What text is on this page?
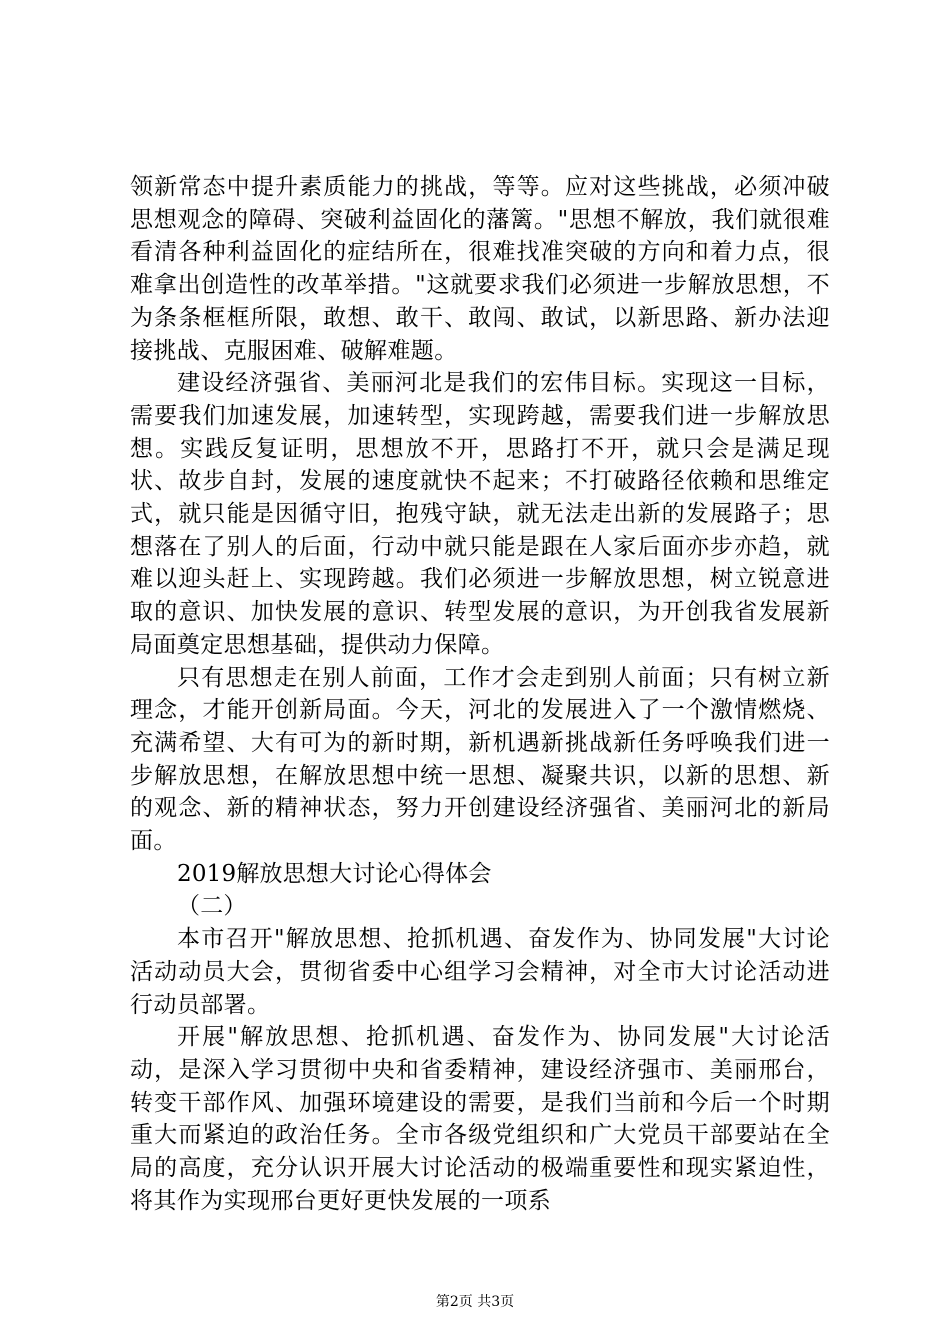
领新常态中提升素质能力的挑战，等等。应对这些挑战，必须冲破思想观念的障碍、突破利益固化的藩篱。"思想不解放，我们就很难看清各种利益固化的症结所在，很难找准突破的方向和着力点，很难拿出创造性的改革举措。"这就要求我们必须进一步解放思想，不为条条框框所限，敢想、敢干、敢闯、敢试，以新思路、新办法迎接挑战、克服困难、破解难题。

建设经济强省、美丽河北是我们的宏伟目标。实现这一目标，需要我们加速发展，加速转型，实现跨越，需要我们进一步解放思想。实践反复证明，思想放不开，思路打不开，就只会是满足现状、故步自封，发展的速度就快不起来；不打破路径依赖和思维定式，就只能是因循守旧，抱残守缺，就无法走出新的发展路子；思想落在了别人的后面，行动中就只能是跟在人家后面亦步亦趋，就难以迎头赶上、实现跨越。我们必须进一步解放思想，树立锐意进取的意识、加快发展的意识、转型发展的意识，为开创我省发展新局面奠定思想基础，提供动力保障。

只有思想走在别人前面，工作才会走到别人前面；只有树立新理念，才能开创新局面。今天，河北的发展进入了一个激情燃烧、充满希望、大有可为的新时期，新机遇新挑战新任务呼唤我们进一步解放思想，在解放思想中统一思想、凝聚共识，以新的思想、新的观念、新的精神状态，努力开创建设经济强省、美丽河北的新局面。

2019解放思想大讨论心得体会

（二）

本市召开"解放思想、抢抓机遇、奋发作为、协同发展"大讨论活动动员大会，贯彻省委中心组学习会精神，对全市大讨论活动进行动员部署。

开展"解放思想、抢抓机遇、奋发作为、协同发展"大讨论活动，是深入学习贯彻中央和省委精神，建设经济强市、美丽邢台，转变干部作风、加强环境建设的需要，是我们当前和今后一个时期重大而紧迫的政治任务。全市各级党组织和广大党员干部要站在全局的高度，充分认识开展大讨论活动的极端重要性和现实紧迫性，将其作为实现邢台更好更快发展的一项系

第2页 共3页
